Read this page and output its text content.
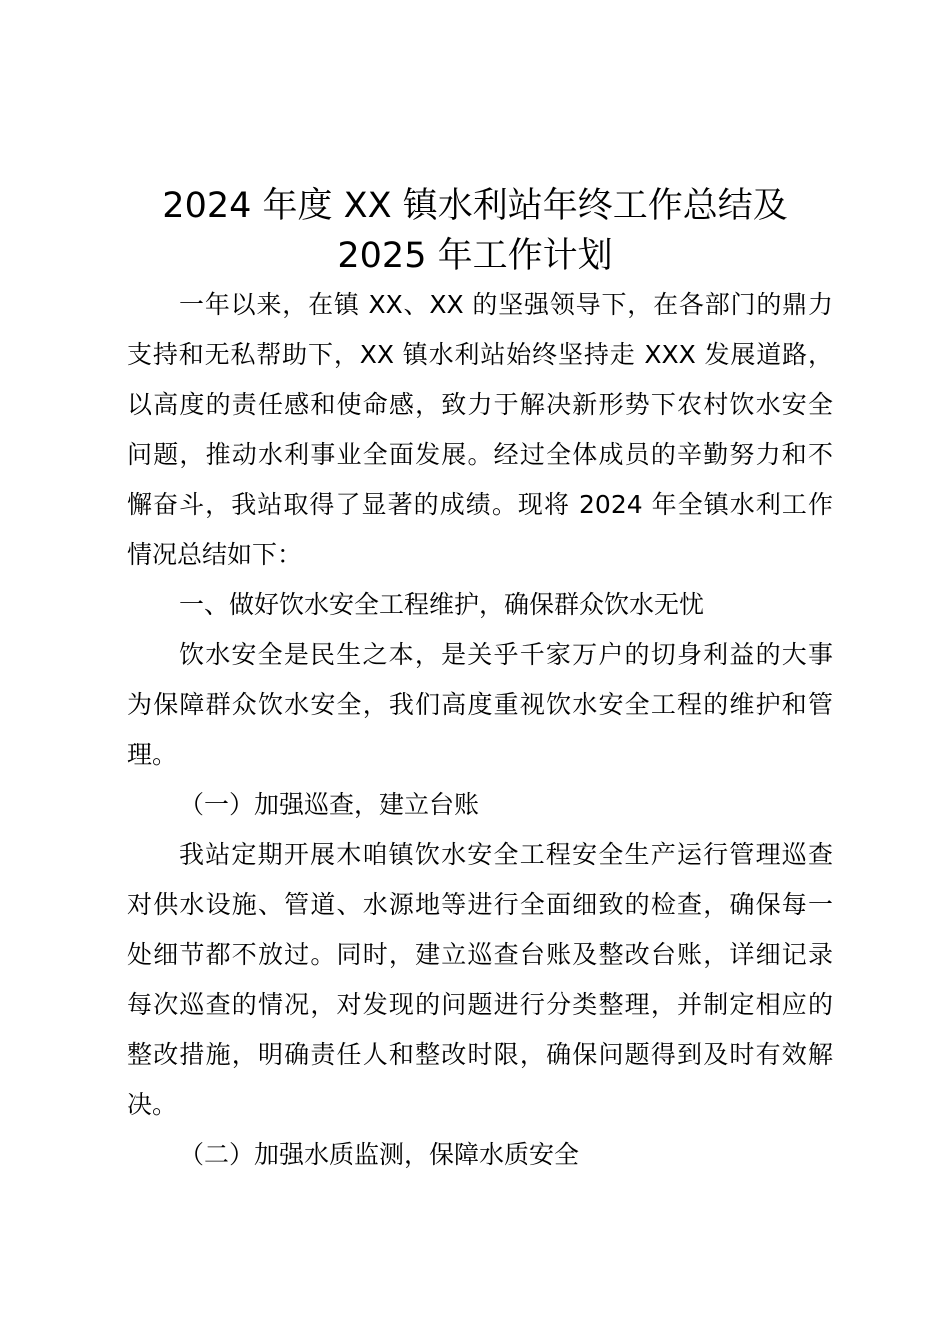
2024 年度 XX 镇水利站年终工作总结及
2025 年工作计划
一年以来，在镇 XX、XX 的坚强领导下，在各部门的鼎力
支持和无私帮助下，XX 镇水利站始终坚持走 XXX 发展道路，
以高度的责任感和使命感，致力于解决新形势下农村饮水安全
问题，推动水利事业全面发展。经过全体成员的辛勤努力和不
懈奋斗，我站取得了显著的成绩。现将 2024 年全镇水利工作
情况总结如下：
一、做好饮水安全工程维护，确保群众饮水无忧
饮水安全是民生之本，是关乎千家万户的切身利益的大事
为保障群众饮水安全，我们高度重视饮水安全工程的维护和管
理。
（一）加强巡查，建立台账
我站定期开展木咱镇饮水安全工程安全生产运行管理巡查
对供水设施、管道、水源地等进行全面细致的检查，确保每一
处细节都不放过。同时，建立巡查台账及整改台账，详细记录
每次巡查的情况，对发现的问题进行分类整理，并制定相应的
整改措施，明确责任人和整改时限，确保问题得到及时有效解
决。
（二）加强水质监测，保障水质安全
